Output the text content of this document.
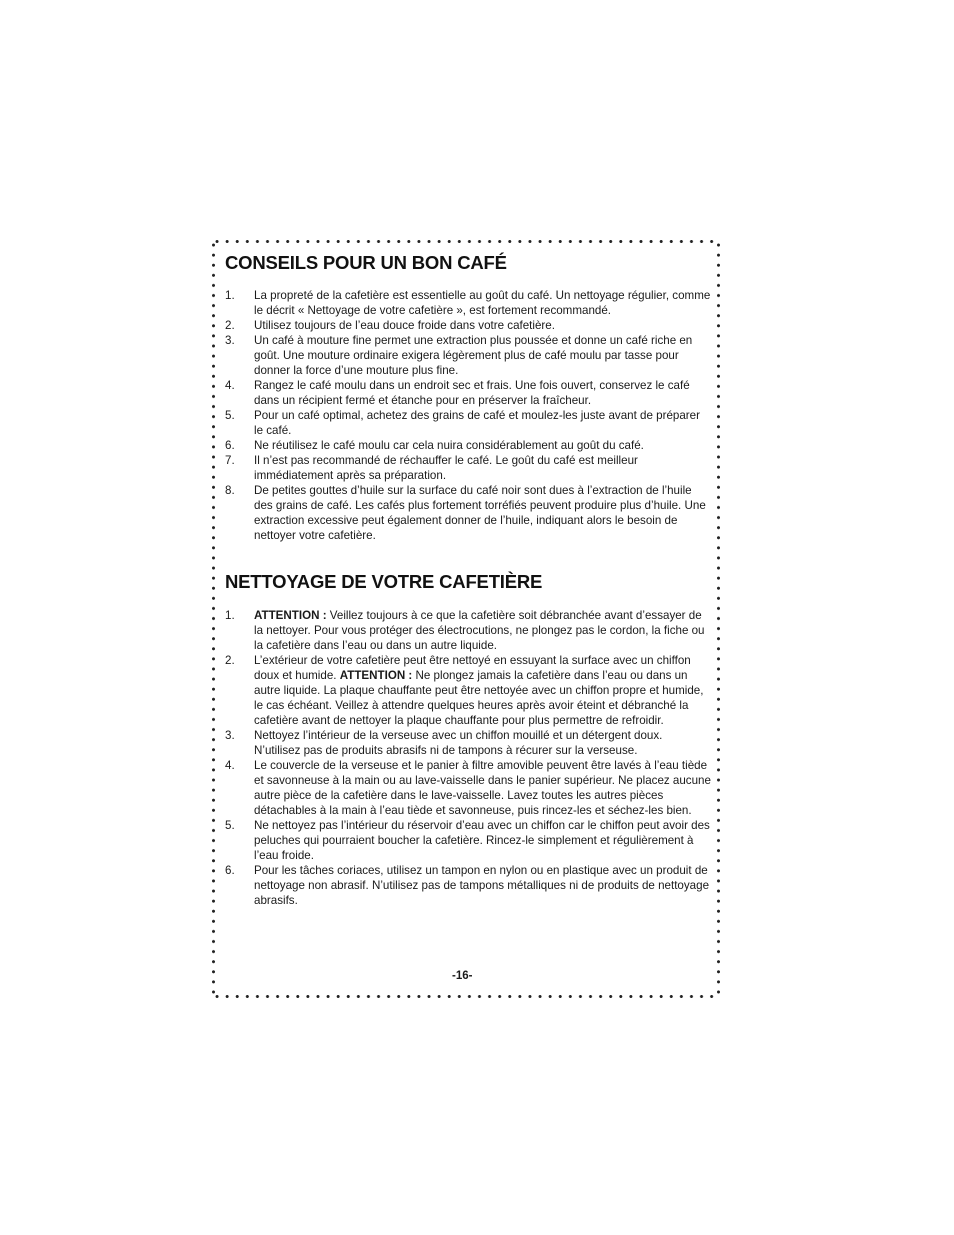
CONSEILS POUR UN BON CAFÉ
1. La propreté de la cafetière est essentielle au goût du café. Un nettoyage régulier, comme le décrit « Nettoyage de votre cafetière », est fortement recommandé.
2. Utilisez toujours de l’eau douce froide dans votre cafetière.
3. Un café à mouture fine permet une extraction plus poussée et donne un café riche en goût. Une mouture ordinaire exigera légèrement plus de café moulu par tasse pour donner la force d’une mouture plus fine.
4. Rangez le café moulu dans un endroit sec et frais. Une fois ouvert, conservez le café dans un récipient fermé et étanche pour en préserver la fraîcheur.
5. Pour un café optimal, achetez des grains de café et moulez-les juste avant de préparer le café.
6. Ne réutilisez le café moulu car cela nuira considérablement au goût du café.
7. Il n’est pas recommandé de réchauffer le café. Le goût du café est meilleur immédiatement après sa préparation.
8. De petites gouttes d’huile sur la surface du café noir sont dues à l’extraction de l’huile des grains de café. Les cafés plus fortement torréfiés peuvent produire plus d’huile. Une extraction excessive peut également donner de l’huile, indiquant alors le besoin de nettoyer votre cafetière.
NETTOYAGE DE VOTRE CAFETIÈRE
1. ATTENTION : Veillez toujours à ce que la cafetière soit débranchée avant d’essayer de la nettoyer. Pour vous protéger des électrocutions, ne plongez pas le cordon, la fiche ou la cafetière dans l’eau ou dans un autre liquide.
2. L’extérieur de votre cafetière peut être nettoyé en essuyant la surface avec un chiffon doux et humide. ATTENTION : Ne plongez jamais la cafetière dans l’eau ou dans un autre liquide. La plaque chauffante peut être nettoyée avec un chiffon propre et humide, le cas échéant. Veillez à attendre quelques heures après avoir éteint et débranché la cafetière avant de nettoyer la plaque chauffante pour plus permettre de refroidir.
3. Nettoyez l’intérieur de la verseuse avec un chiffon mouillé et un détergent doux. N’utilisez pas de produits abrasifs ni de tampons à récurer sur la verseuse.
4. Le couvercle de la verseuse et le panier à filtre amovible peuvent être lavés à l’eau tiède et savonneuse à la main ou au lave-vaisselle dans le panier supérieur. Ne placez aucune autre pièce de la cafetière dans le lave-vaisselle. Lavez toutes les autres pièces détachables à la main à l’eau tiède et savonneuse, puis rincez-les et séchez-les bien.
5. Ne nettoyez pas l’intérieur du réservoir d’eau avec un chiffon car le chiffon peut avoir des peluches qui pourraient boucher la cafetière. Rincez-le simplement et régulièrement à l’eau froide.
6. Pour les tâches coriaces, utilisez un tampon en nylon ou en plastique avec un produit de nettoyage non abrasif. N’utilisez pas de tampons métalliques ni de produits de nettoyage abrasifs.
-16-
